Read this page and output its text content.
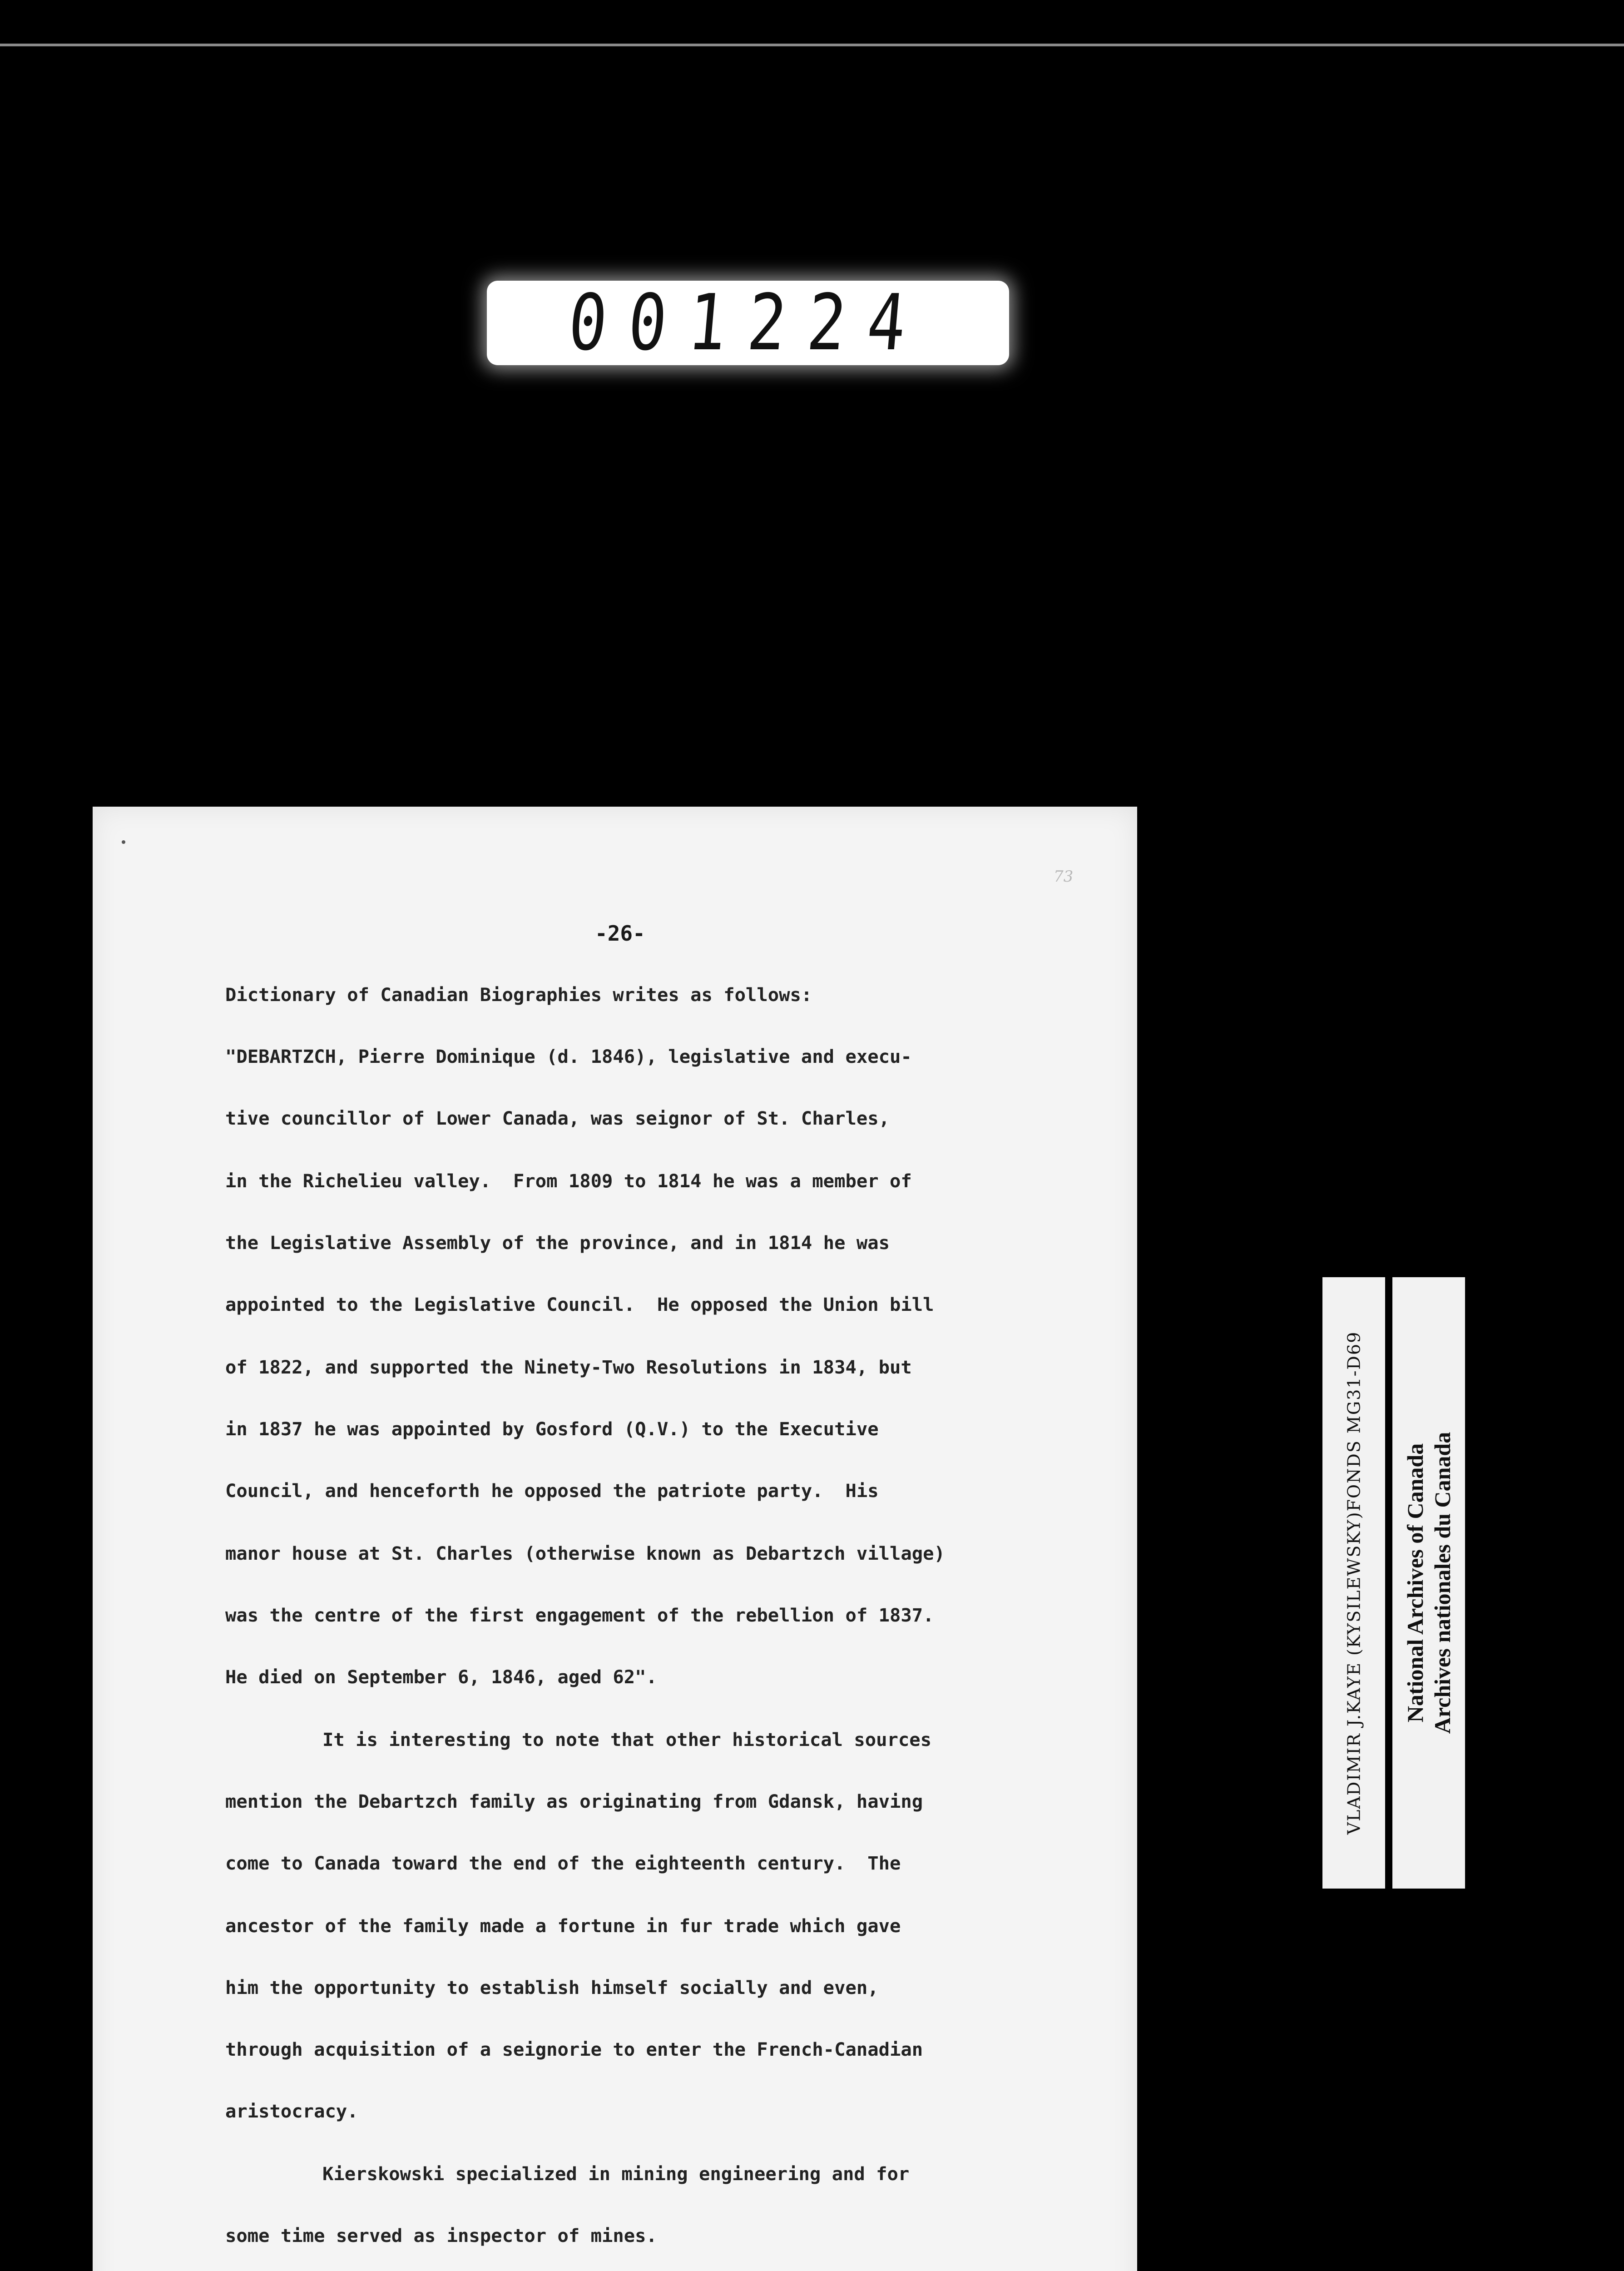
001224
73
-26-
Dictionary of Canadian Biographies writes as follows:
"DEBARTZCH, Pierre Dominique (d. 1846), legislative and execu-
tive councillor of Lower Canada, was seignor of St. Charles,
in the Richelieu valley.  From 1809 to 1814 he was a member of
the Legislative Assembly of the province, and in 1814 he was
appointed to the Legislative Council.  He opposed the Union bill
of 1822, and supported the Ninety-Two Resolutions in 1834, but
in 1837 he was appointed by Gosford (Q.V.) to the Executive
Council, and henceforth he opposed the patriote party.  His
manor house at St. Charles (otherwise known as Debartzch village)
was the centre of the first engagement of the rebellion of 1837.
He died on September 6, 1846, aged 62".
It is interesting to note that other historical sources
mention the Debartzch family as originating from Gdansk, having
come to Canada toward the end of the eighteenth century.  The
ancestor of the family made a fortune in fur trade which gave
him the opportunity to establish himself socially and even,
through acquisition of a seignorie to enter the French-Canadian
aristocracy.
Kierskowski specialized in mining engineering and for
some time served as inspector of mines.
VLADIMIR J.KAYE (KYSILEWSKY)FONDS MG31-D69 National Archives of Canada Archives nationales du Canada
